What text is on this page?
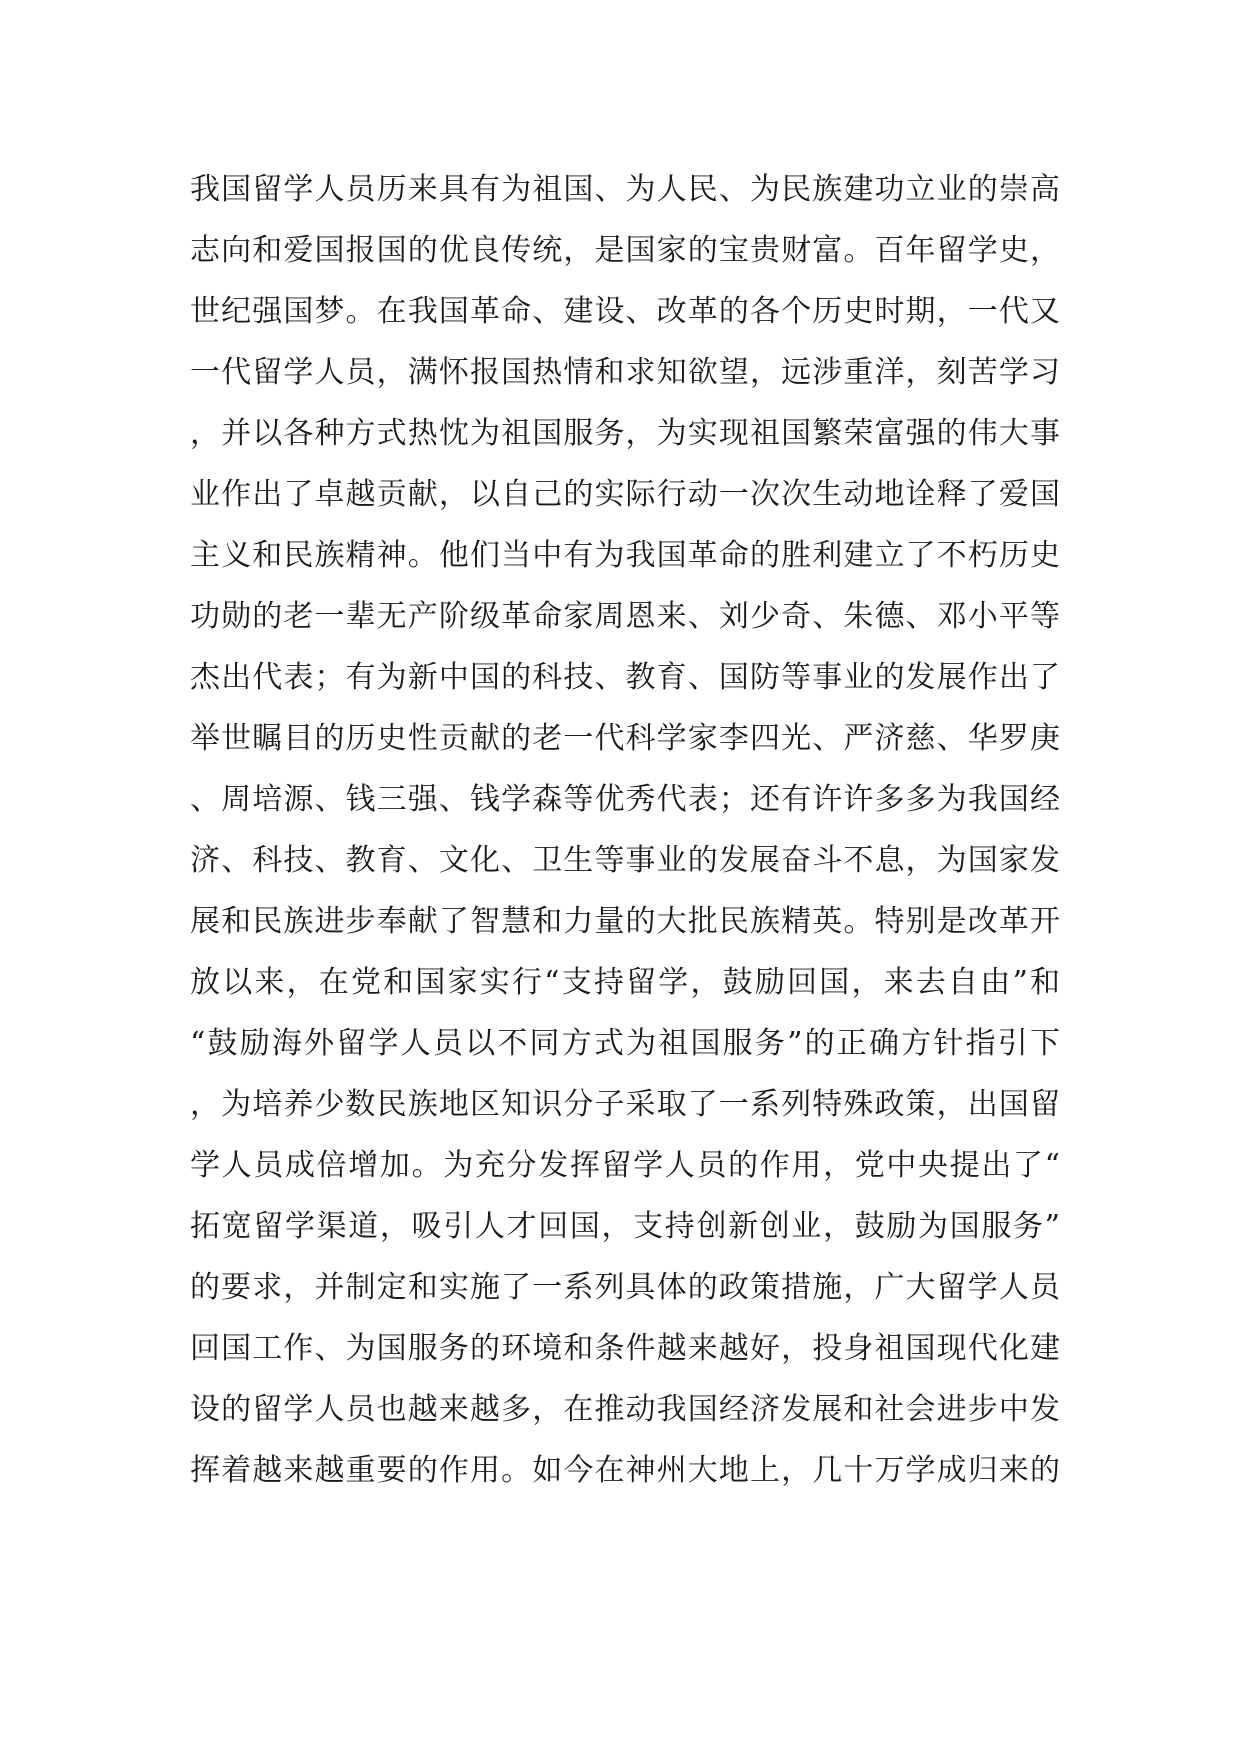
我国留学人员历来具有为祖国、为人民、为民族建功立业的崇高
志向和爱国报国的优良传统，是国家的宝贵财富。百年留学史，
世纪强国梦。在我国革命、建设、改革的各个历史时期，一代又
一代留学人员，满怀报国热情和求知欲望，远涉重洋，刻苦学习
，并以各种方式热忱为祖国服务，为实现祖国繁荣富强的伟大事
业作出了卓越贡献，以自己的实际行动一次次生动地诠释了爱国
主义和民族精神。他们当中有为我国革命的胜利建立了不朽历史
功勋的老一辈无产阶级革命家周恩来、刘少奇、朱德、邓小平等
杰出代表；有为新中国的科技、教育、国防等事业的发展作出了
举世瞩目的历史性贡献的老一代科学家李四光、严济慈、华罗庚
、周培源、钱三强、钱学森等优秀代表；还有许许多多为我国经
济、科技、教育、文化、卫生等事业的发展奋斗不息，为国家发
展和民族进步奉献了智慧和力量的大批民族精英。特别是改革开
放以来，在党和国家实行“支持留学，鼓励回国，来去自由”和
“鼓励海外留学人员以不同方式为祖国服务”的正确方针指引下
，为培养少数民族地区知识分子采取了一系列特殊政策，出国留
学人员成倍增加。为充分发挥留学人员的作用，党中央提出了“
拓宽留学渠道，吸引人才回国，支持创新创业，鼓励为国服务”
的要求，并制定和实施了一系列具体的政策措施，广大留学人员
回国工作、为国服务的环境和条件越来越好，投身祖国现代化建
设的留学人员也越来越多，在推动我国经济发展和社会进步中发
挥着越来越重要的作用。如今在神州大地上，几十万学成归来的
